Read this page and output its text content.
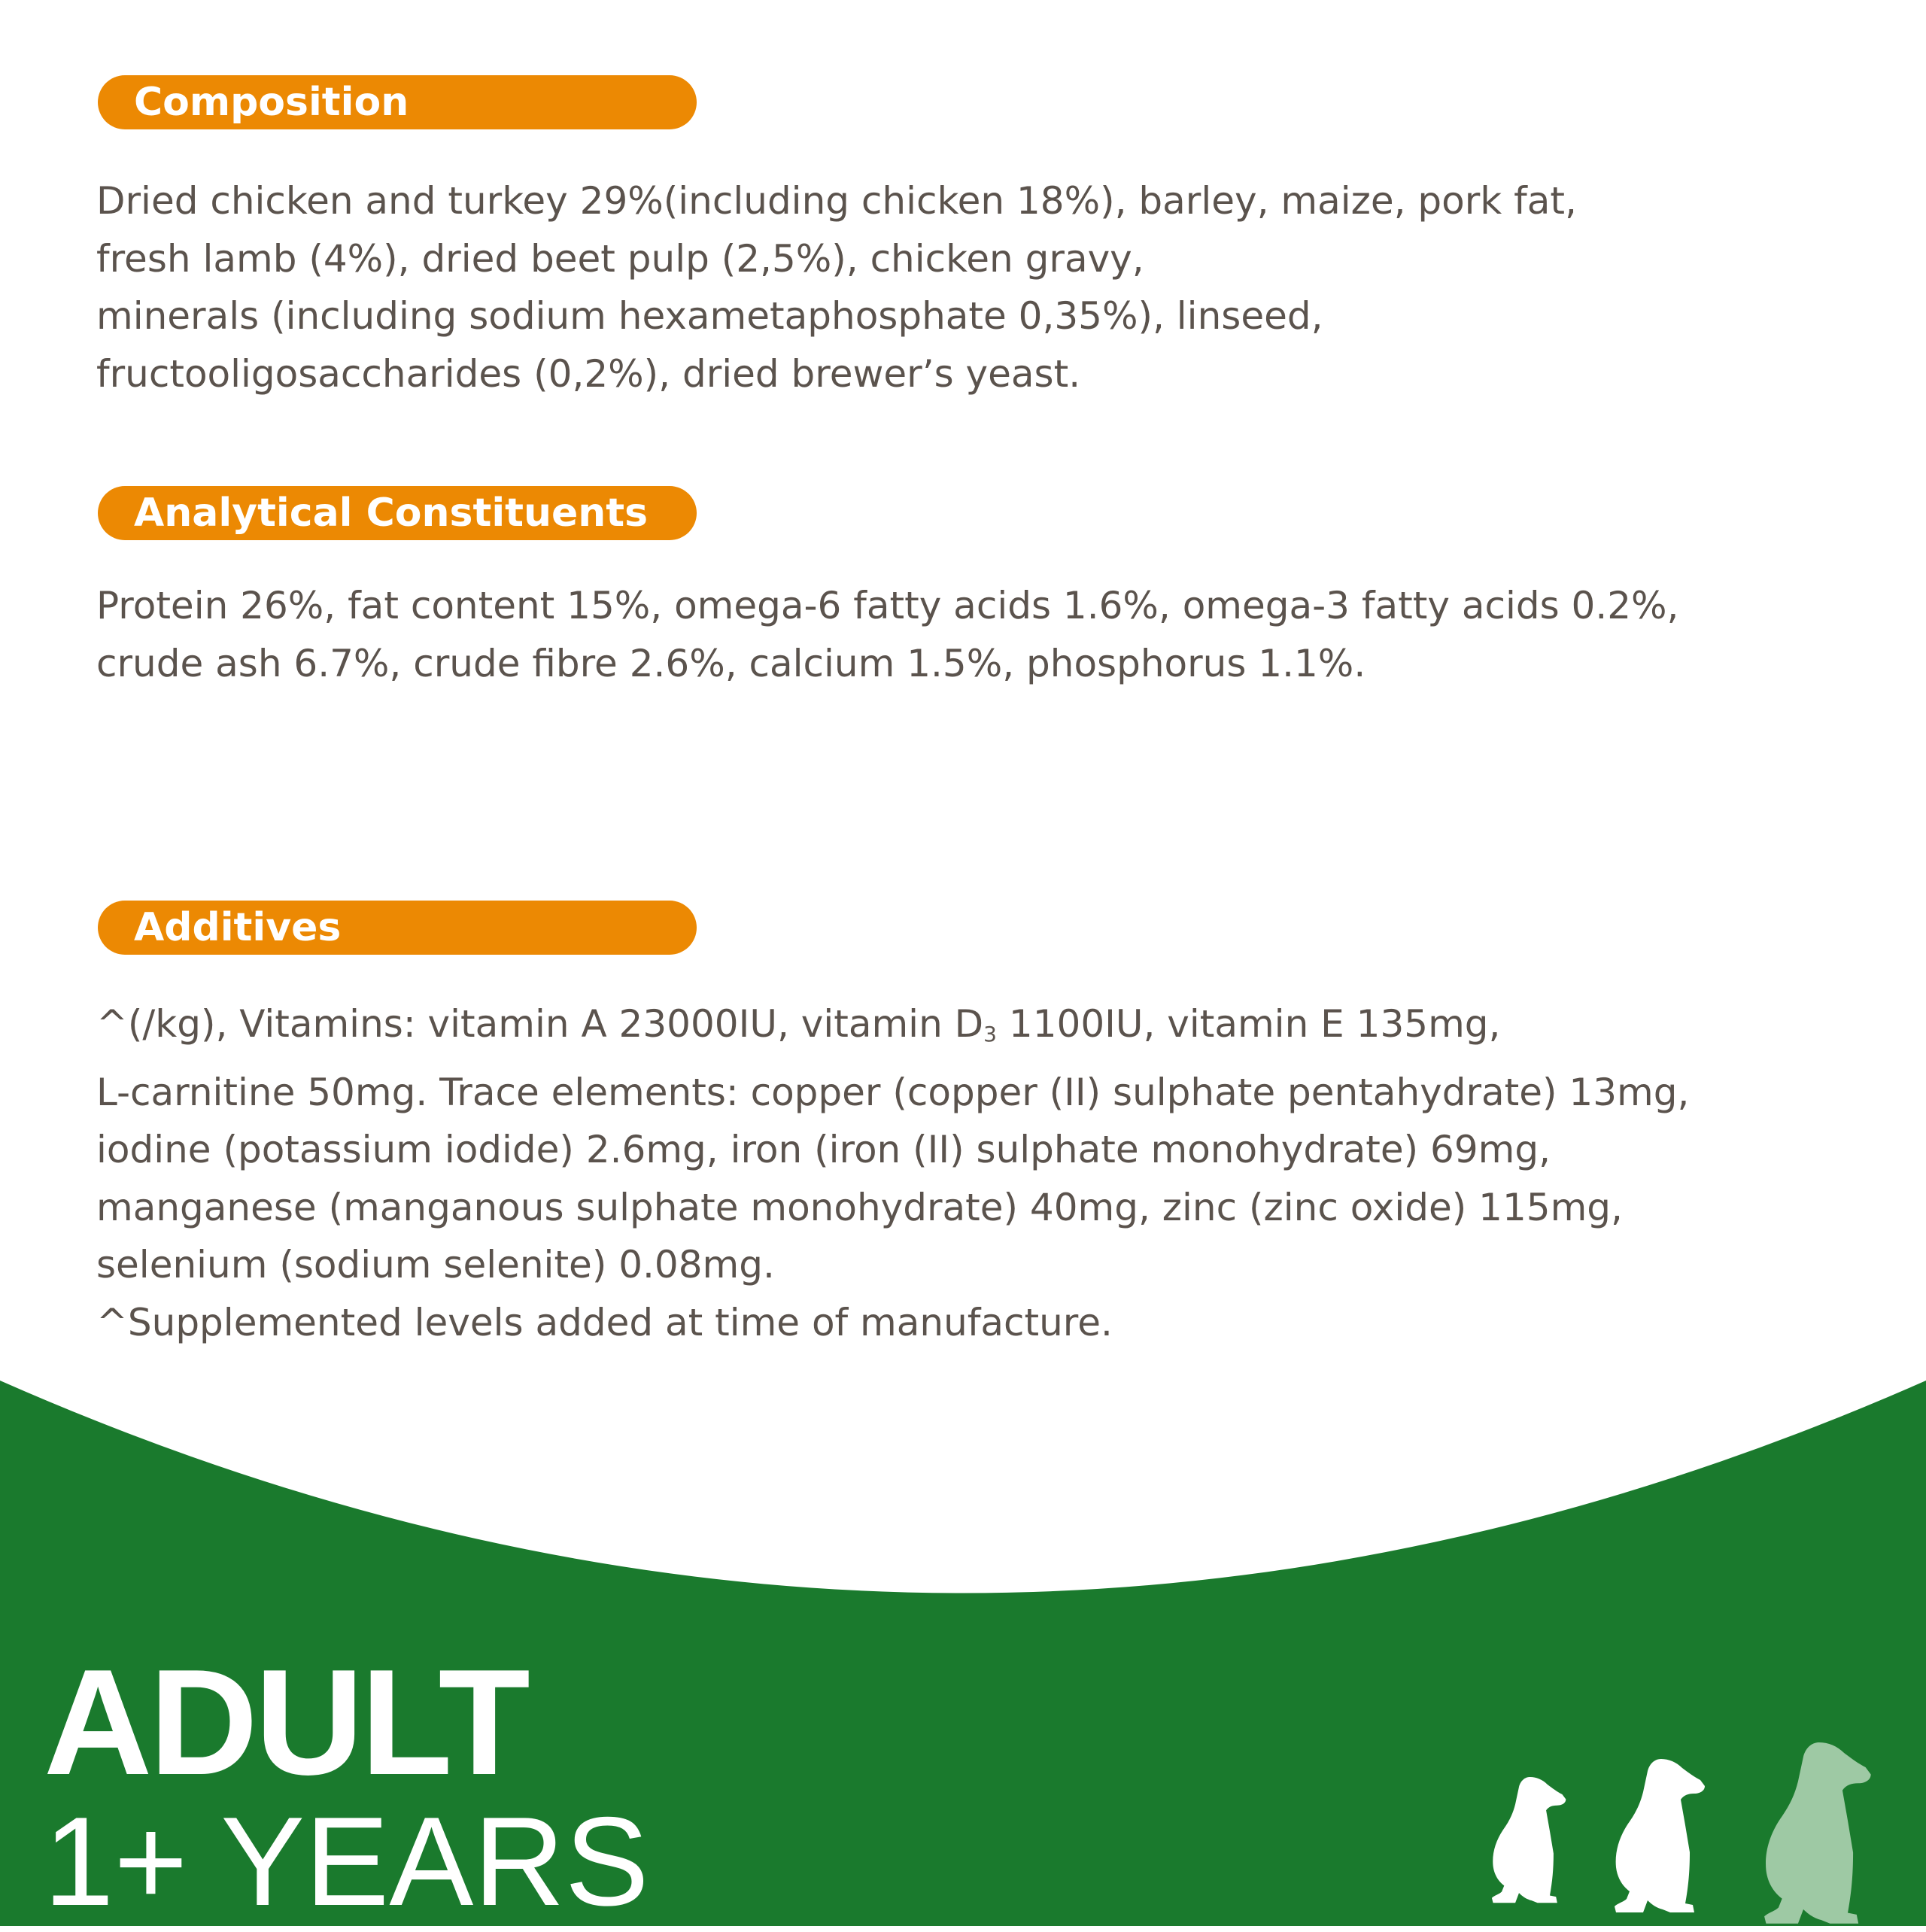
Composition
Dried chicken and turkey 29%(including chicken 18%), barley, maize, pork fat,
fresh lamb (4%), dried beet pulp (2,5%), chicken gravy,
minerals (including sodium hexametaphosphate 0,35%), linseed,
fructooligosaccharides (0,2%), dried brewer’s yeast.
Analytical Constituents
Protein 26%, fat content 15%, omega-6 fatty acids 1.6%, omega-3 fatty acids 0.2%,
crude ash 6.7%, crude fibre 2.6%, calcium 1.5%, phosphorus 1.1%.
Additives
^(/kg), Vitamins: vitamin A 23000IU, vitamin $D_3$ 1100IU, vitamin E 135mg,
L-carnitine 50mg. Trace elements: copper (copper (II) sulphate pentahydrate) 13mg,
iodine (potassium iodide) 2.6mg, iron (iron (II) sulphate monohydrate) 69mg,
manganese (manganous sulphate monohydrate) 40mg, zinc (zinc oxide) 115mg,
selenium (sodium selenite) 0.08mg.
^Supplemented levels added at time of manufacture.
ADULT
1+ YEARS
